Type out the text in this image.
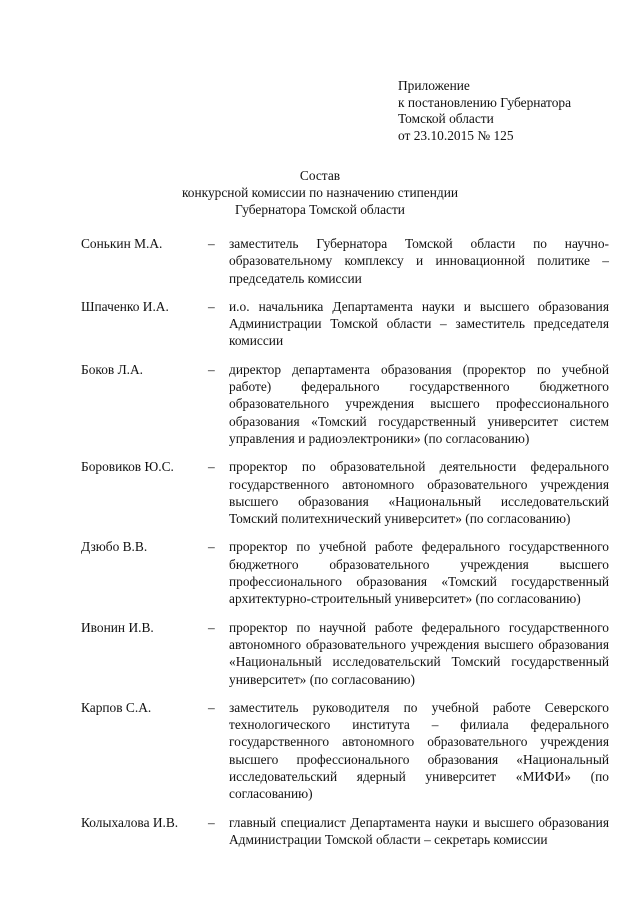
Приложение
к постановлению Губернатора
Томской области
от 23.10.2015 № 125
Состав
конкурсной комиссии по назначению стипендии
Губернатора Томской области
Сонькин М.А.	–	заместитель Губернатора Томской области по научно-образовательному комплексу и инновационной политике – председатель комиссии
Шпаченко И.А.	–	и.о. начальника Департамента науки и высшего образования Администрации Томской области – заместитель председателя комиссии
Боков Л.А.	–	директор департамента образования (проректор по учебной работе) федерального государственного бюджетного образовательного учреждения высшего профессионального образования «Томский государственный университет систем управления и радиоэлектроники» (по согласованию)
Боровиков Ю.С.	–	проректор по образовательной деятельности федерального государственного автономного образовательного учреждения высшего образования «Национальный исследовательский Томский политехнический университет» (по согласованию)
Дзюбо В.В.	–	проректор по учебной работе федерального государственного бюджетного образовательного учреждения высшего профессионального образования «Томский государственный архитектурно-строительный университет» (по согласованию)
Ивонин И.В.	–	проректор по научной работе федерального государственного автономного образовательного учреждения высшего образования «Национальный исследовательский Томский государственный университет» (по согласованию)
Карпов С.А.	–	заместитель руководителя по учебной работе Северского технологического института – филиала федерального государственного автономного образовательного учреждения высшего профессионального образования «Национальный исследовательский ядерный университет «МИФИ» (по согласованию)
Колыхалова И.В.	–	главный специалист Департамента науки и высшего образования Администрации Томской области – секретарь комиссии
